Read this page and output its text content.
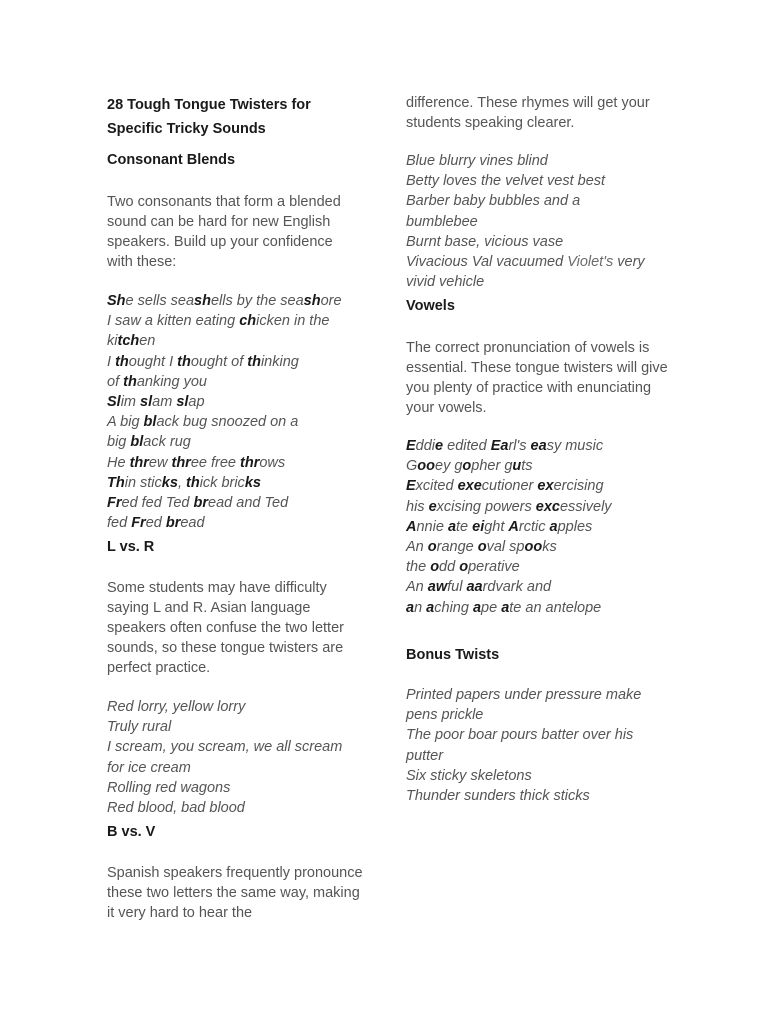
28 Tough Tongue Twisters for Specific Tricky Sounds
Consonant Blends
Two consonants that form a blended sound can be hard for new English speakers. Build up your confidence with these:
She sells seashells by the seashore
I saw a kitten eating chicken in the
kitchen
I thought I thought of thinking
of thanking you
Slim slam slap
A big black bug snoozed on a
big black rug
He threw three free throws
Thin sticks, thick bricks
Fred fed Ted bread and Ted
fed Fred bread
L vs. R
Some students may have difficulty saying L and R. Asian language speakers often confuse the two letter sounds, so these tongue twisters are perfect practice.
Red lorry, yellow lorry
Truly rural
I scream, you scream, we all scream
for ice cream
Rolling red wagons
Red blood, bad blood
B vs. V
Spanish speakers frequently pronounce these two letters the same way, making it very hard to hear the
difference. These rhymes will get your students speaking clearer.
Blue blurry vines blind
Betty loves the velvet vest best
Barber baby bubbles and a
bumblebee
Burnt base, vicious vase
Vivacious Val vacuumed Violet's very
vivid vehicle
Vowels
The correct pronunciation of vowels is essential. These tongue twisters will give you plenty of practice with enunciating your vowels.
Eddie edited Earl's easy music
Gooey gopher guts
Excited executioner exercising
his excising powers excessively
Annie ate eight Arctic apples
An orange oval spooks
the odd operative
An awful aardvark and
an aching ape ate an antelope
Bonus Twists
Printed papers under pressure make
pens prickle
The poor boar pours batter over his
putter
Six sticky skeletons
Thunder sunders thick sticks
